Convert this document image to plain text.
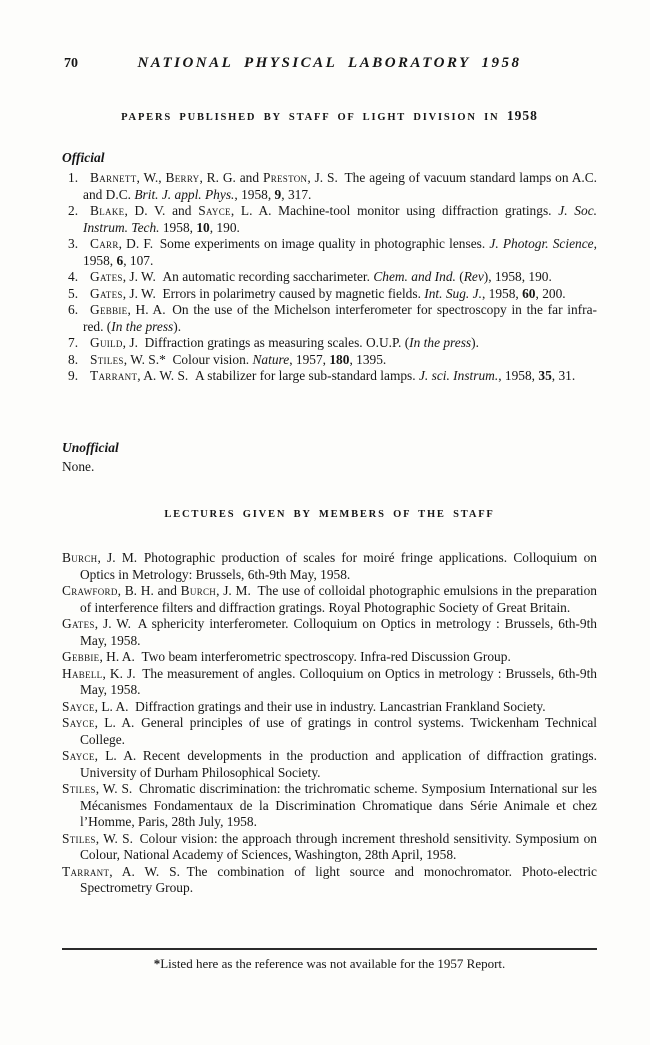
70	NATIONAL PHYSICAL LABORATORY 1958
PAPERS PUBLISHED BY STAFF OF LIGHT DIVISION IN 1958
Official
1. Barnett, W., Berry, R. G. and Preston, J. S. The ageing of vacuum standard lamps on A.C. and D.C. Brit. J. appl. Phys., 1958, 9, 317.
2. Blake, D. V. and Sayce, L. A. Machine-tool monitor using diffraction gratings. J. Soc. Instrum. Tech. 1958, 10, 190.
3. Carr, D. F. Some experiments on image quality in photographic lenses. J. Photogr. Science, 1958, 6, 107.
4. Gates, J. W. An automatic recording saccharimeter. Chem. and Ind. (Rev), 1958, 190.
5. Gates, J. W. Errors in polarimetry caused by magnetic fields. Int. Sug. J., 1958, 60, 200.
6. Gebbie, H. A. On the use of the Michelson interferometer for spectroscopy in the far infra-red. (In the press).
7. Guild, J. Diffraction gratings as measuring scales. O.U.P. (In the press).
8. Stiles, W. S.* Colour vision. Nature, 1957, 180, 1395.
9. Tarrant, A. W. S. A stabilizer for large sub-standard lamps. J. sci. Instrum., 1958, 35, 31.
Unofficial
None.
LECTURES GIVEN BY MEMBERS OF THE STAFF
Burch, J. M. Photographic production of scales for moiré fringe applications. Colloquium on Optics in Metrology: Brussels, 6th-9th May, 1958.
Crawford, B. H. and Burch, J. M. The use of colloidal photographic emulsions in the preparation of interference filters and diffraction gratings. Royal Photographic Society of Great Britain.
Gates, J. W. A sphericity interferometer. Colloquium on Optics in metrology : Brussels, 6th-9th May, 1958.
Gebbie, H. A. Two beam interferometric spectroscopy. Infra-red Discussion Group.
Habell, K. J. The measurement of angles. Colloquium on Optics in metrology : Brussels, 6th-9th May, 1958.
Sayce, L. A. Diffraction gratings and their use in industry. Lancastrian Frankland Society.
Sayce, L. A. General principles of use of gratings in control systems. Twickenham Technical College.
Sayce, L. A. Recent developments in the production and application of diffraction gratings. University of Durham Philosophical Society.
Stiles, W. S. Chromatic discrimination: the trichromatic scheme. Symposium International sur les Mécanismes Fondamentaux de la Discrimination Chromatique dans Série Animale et chez l’Homme, Paris, 28th July, 1958.
Stiles, W. S. Colour vision: the approach through increment threshold sensitivity. Symposium on Colour, National Academy of Sciences, Washington, 28th April, 1958.
Tarrant, A. W. S. The combination of light source and monochromator. Photo-electric Spectrometry Group.
*Listed here as the reference was not available for the 1957 Report.
